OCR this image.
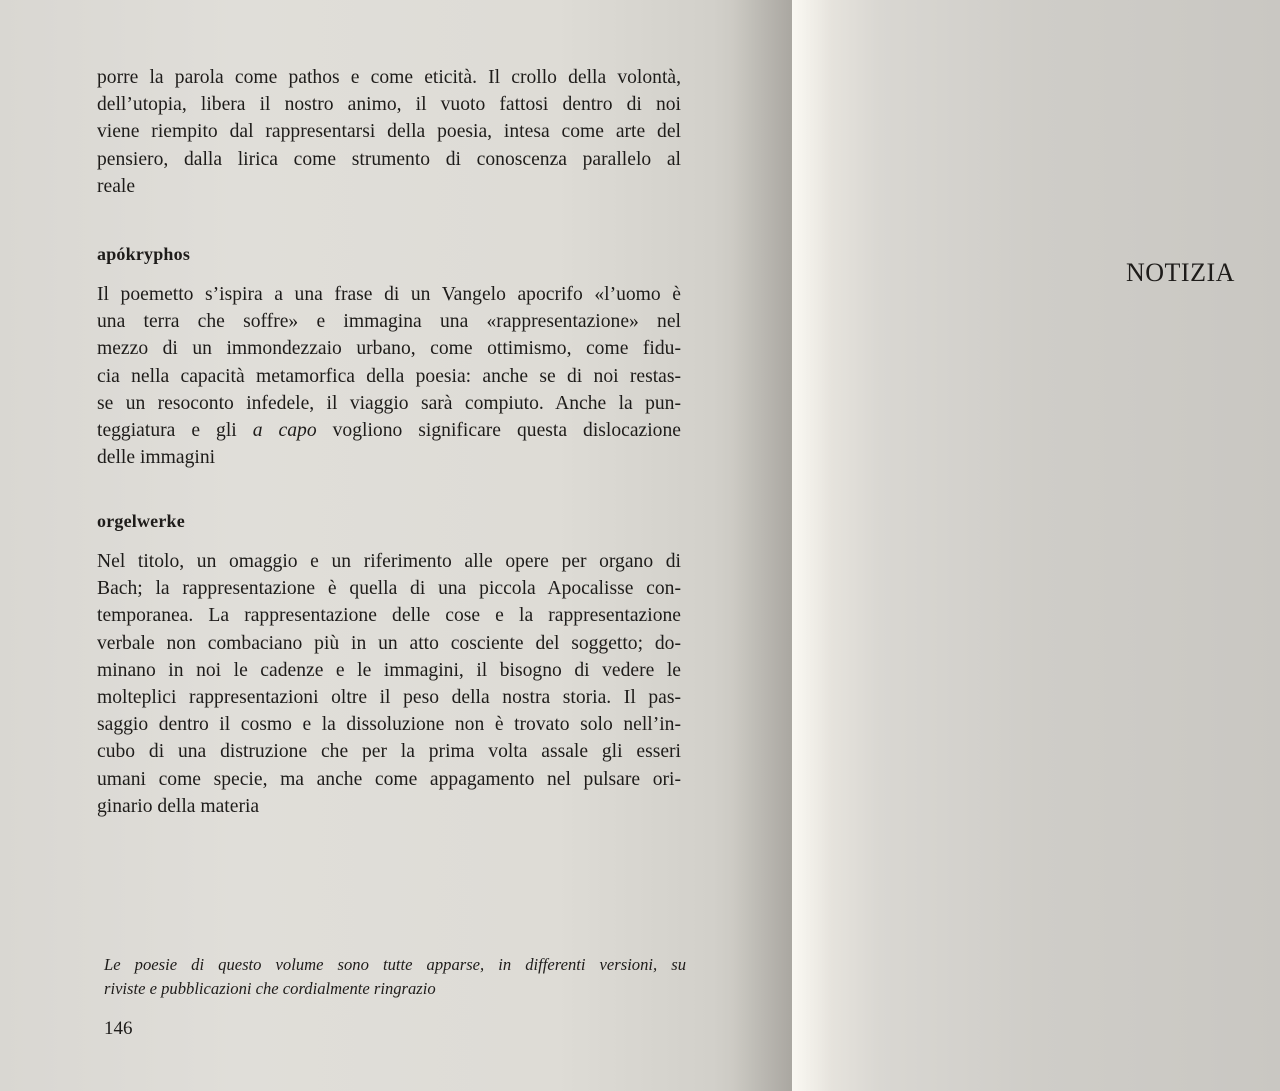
porre la parola come pathos e come eticità. Il crollo della volontà,
dell’utopia, libera il nostro animo, il vuoto fattosi dentro di noi
viene riempito dal rappresentarsi della poesia, intesa come arte del
pensiero, dalla lirica come strumento di conoscenza parallelo al
reale
apókryphos
Il poemetto s’ispira a una frase di un Vangelo apocrifo «l’uomo è
una terra che soffre» e immagina una «rappresentazione» nel
mezzo di un immondezzaio urbano, come ottimismo, come fidu-
cia nella capacità metamorfica della poesia: anche se di noi restas-
se un resoconto infedele, il viaggio sarà compiuto. Anche la pun-
teggiatura e gli a capo vogliono significare questa dislocazione
delle immagini
orgelwerke
Nel titolo, un omaggio e un riferimento alle opere per organo di
Bach; la rappresentazione è quella di una piccola Apocalisse con-
temporanea. La rappresentazione delle cose e la rappresentazione
verbale non combaciano più in un atto cosciente del soggetto; do-
minano in noi le cadenze e le immagini, il bisogno di vedere le
molteplici rappresentazioni oltre il peso della nostra storia. Il pas-
saggio dentro il cosmo e la dissoluzione non è trovato solo nell’in-
cubo di una distruzione che per la prima volta assale gli esseri
umani come specie, ma anche come appagamento nel pulsare ori-
ginario della materia
Le poesie di questo volume sono tutte apparse, in differenti versioni, su
riviste e pubblicazioni che cordialmente ringrazio
146
NOTIZIA
